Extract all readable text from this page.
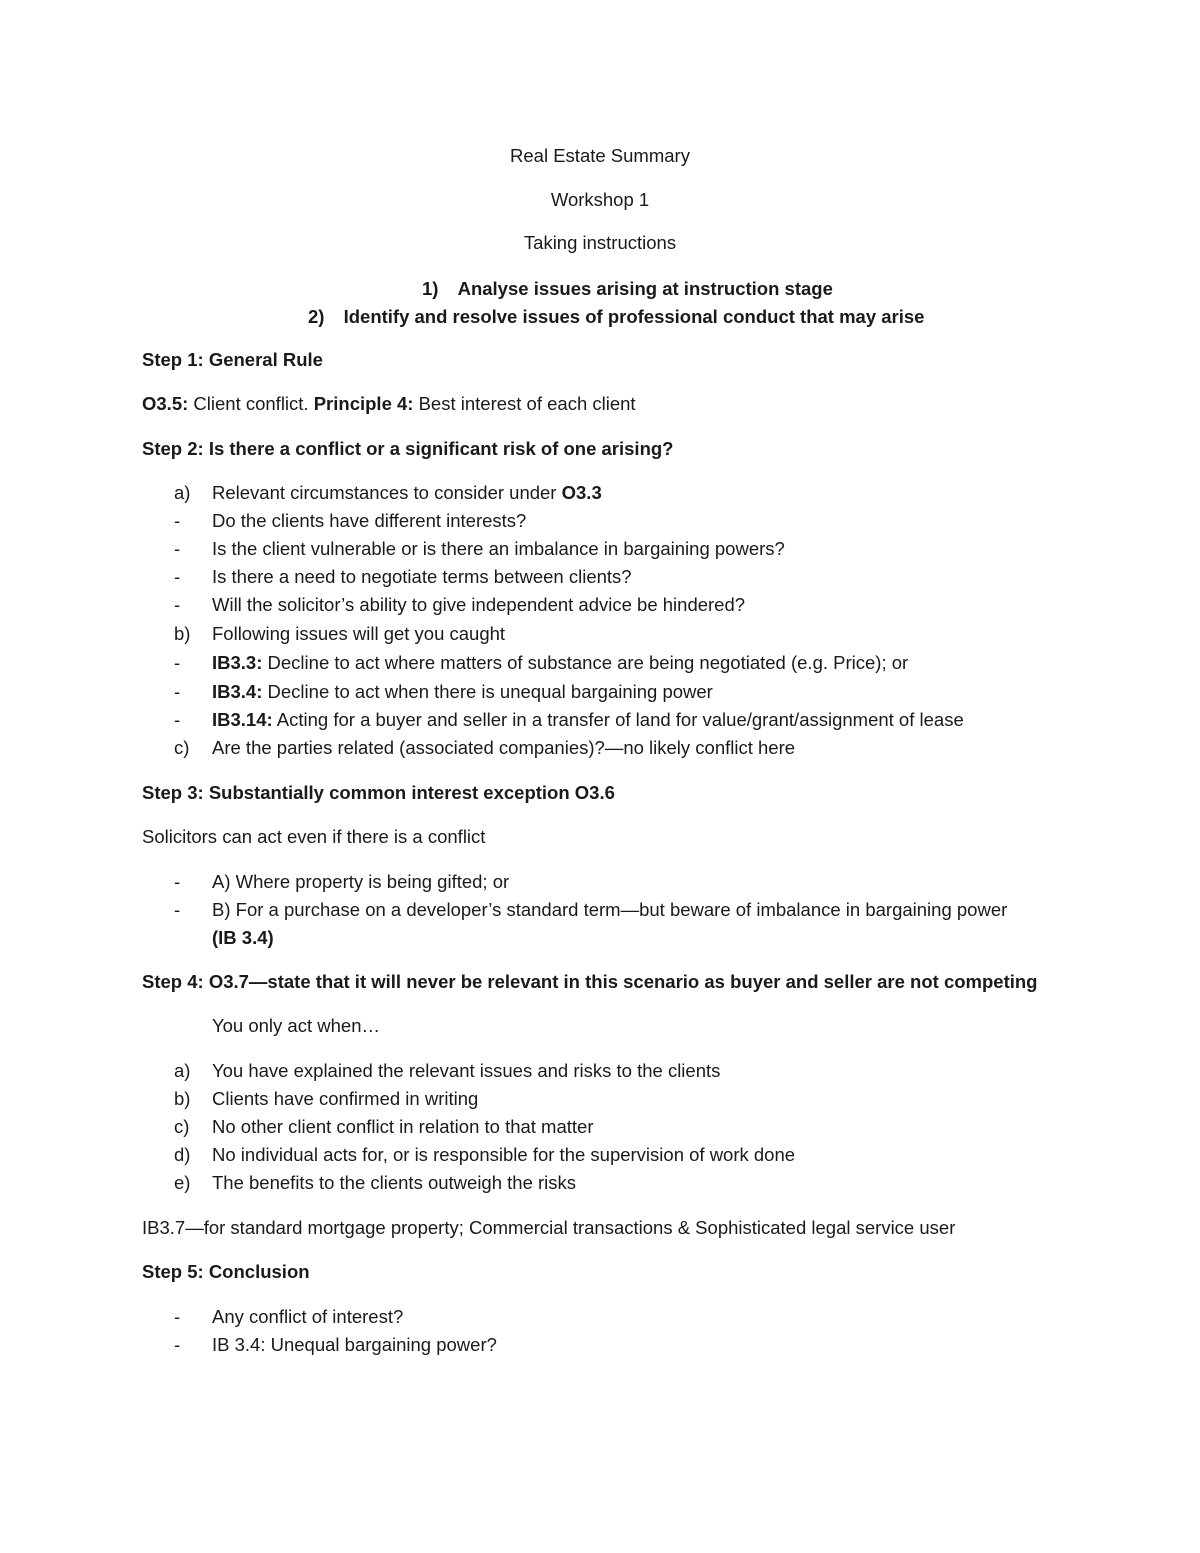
Real Estate Summary
Workshop 1
Taking instructions
1) Analyse issues arising at instruction stage
2) Identify and resolve issues of professional conduct that may arise
Step 1: General Rule
O3.5: Client conflict. Principle 4: Best interest of each client
Step 2: Is there a conflict or a significant risk of one arising?
a)	Relevant circumstances to consider under O3.3
-	Do the clients have different interests?
-	Is the client vulnerable or is there an imbalance in bargaining powers?
-	Is there a need to negotiate terms between clients?
-	Will the solicitor’s ability to give independent advice be hindered?
b)	Following issues will get you caught
-	IB3.3: Decline to act where matters of substance are being negotiated (e.g. Price); or
-	IB3.4: Decline to act when there is unequal bargaining power
-	IB3.14: Acting for a buyer and seller in a transfer of land for value/grant/assignment of lease
c)	Are the parties related (associated companies)?—no likely conflict here
Step 3: Substantially common interest exception O3.6
Solicitors can act even if there is a conflict
-	A) Where property is being gifted; or
-	B) For a purchase on a developer’s standard term—but beware of imbalance in bargaining power
(IB 3.4)
Step 4: O3.7—state that it will never be relevant in this scenario as buyer and seller are not competing
You only act when…
a)	You have explained the relevant issues and risks to the clients
b)	Clients have confirmed in writing
c)	No other client conflict in relation to that matter
d)	No individual acts for, or is responsible for the supervision of work done
e)	The benefits to the clients outweigh the risks
IB3.7—for standard mortgage property; Commercial transactions & Sophisticated legal service user
Step 5: Conclusion
-	Any conflict of interest?
-	IB 3.4: Unequal bargaining power?
